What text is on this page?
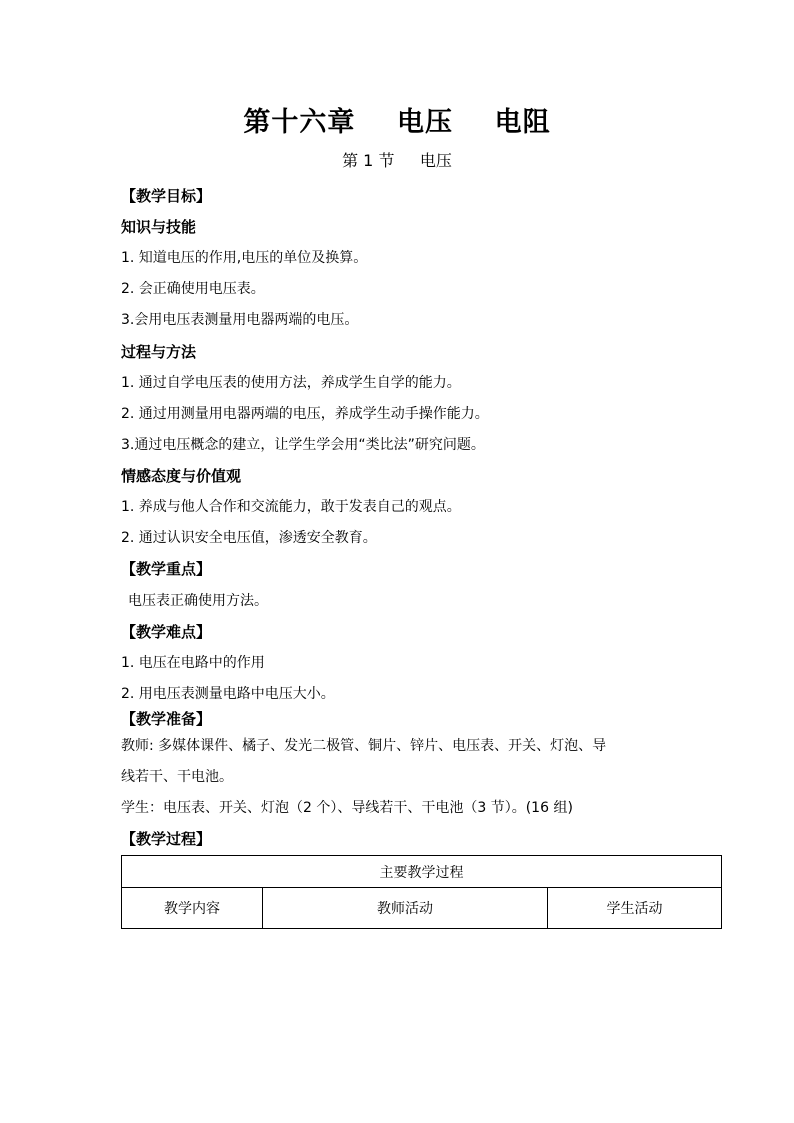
第十六章    电压    电阻
第 1 节     电压
【教学目标】
知识与技能
1. 知道电压的作用,电压的单位及换算。
2. 会正确使用电压表。
3.会用电压表测量用电器两端的电压。
过程与方法
1. 通过自学电压表的使用方法，养成学生自学的能力。
2. 通过用测量用电器两端的电压，养成学生动手操作能力。
3.通过电压概念的建立，让学生学会用“类比法”研究问题。
情感态度与价值观
1. 养成与他人合作和交流能力，敢于发表自己的观点。
2. 通过认识安全电压值，渗透安全教育。
【教学重点】
电压表正确使用方法。
【教学难点】
1. 电压在电路中的作用
2. 用电压表测量电路中电压大小。
【教学准备】
教师: 多媒体课件、橘子、发光二极管、铜片、锌片、电压表、开关、灯泡、导
线若干、干电池。
学生：电压表、开关、灯泡（2 个）、导线若干、干电池（3 节）。(16 组)
【教学过程】
主要教学过程
教学内容	教师活动	学生活动
